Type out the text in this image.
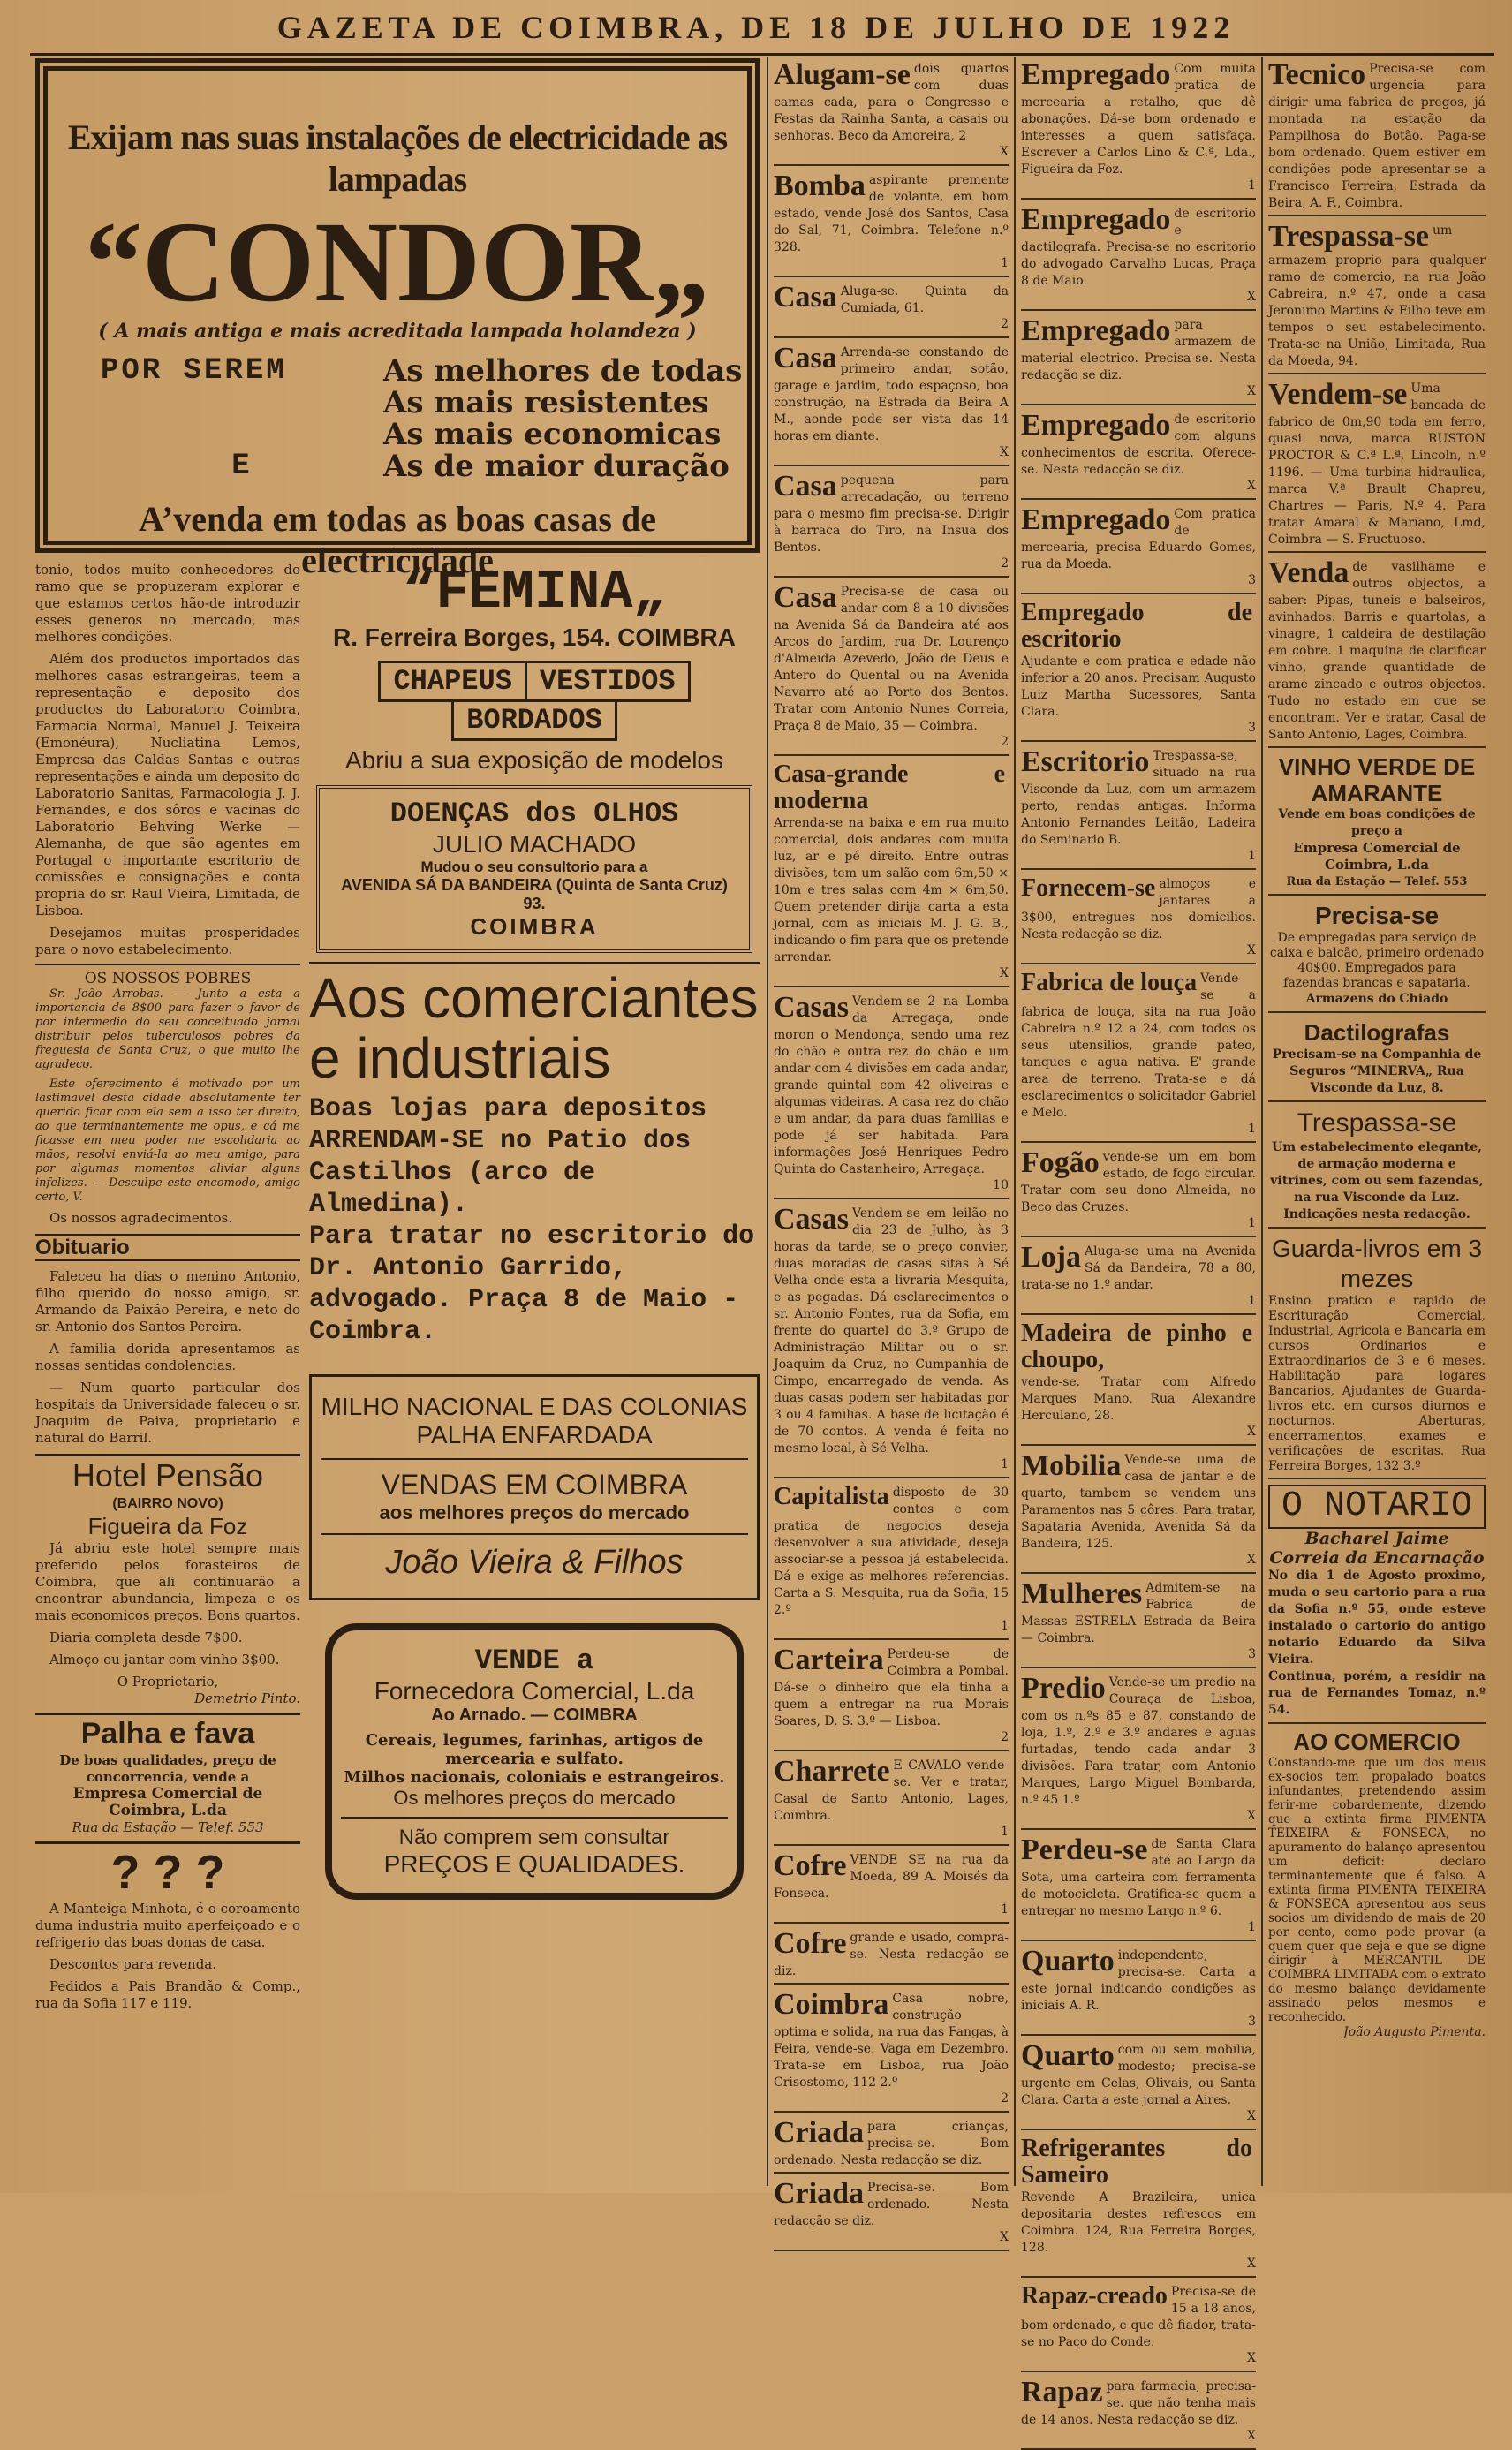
GAZETA DE COIMBRA, DE 18 DE JULHO DE 1922
Exijam nas suas instalações de electricidade as lampadas
“CONDOR„
( A mais antiga e mais acreditada lampada holandeza )
POR SEREM	As melhores de todas
As mais resistentes
As mais economicas
E	As de maior duração
A’venda em todas as boas casas de electricidade

tonio, todos muito conhecedores do ramo que se propuzeram explorar e que estamos certos hão-de introduzir esses generos no mercado, mas melhores condições.

Além dos productos importados das melhores casas estrangeiras, teem a representação e deposito dos productos do Laboratorio Coimbra, Farmacia Normal, Manuel J. Teixeira (Emonéura), Nucliatina Lemos, Empresa das Caldas Santas e outras representações e ainda um deposito do Laboratorio Sanitas, Farmacologia J. J. Fernandes, e dos sôros e vacinas do Laboratorio Behving Werke — Alemanha, de que são agentes em Portugal o importante escritorio de comissões e consignações e conta propria do sr. Raul Vieira, Limitada, de Lisboa.

Desejamos muitas prosperidades para o novo estabelecimento.

OS NOSSOS POBRES

Sr. João Arrobas. — Junto a esta a importancia de 8$00 para fazer o favor de por intermedio do seu conceituado jornal distribuir pelos tuberculosos pobres da freguesia de Santa Cruz, o que muito lhe agradeço.

Este oferecimento é motivado por um lastimavel desta cidade absolutamente ter querido ficar com ela sem a isso ter direito, ao que terminantemente me opus, e cá me ficasse em meu poder me escolidaria ao mãos, resolvi enviá-la ao meu amigo, para por algumas momentos aliviar alguns infelizes. — Desculpe este encomodo, amigo certo, V.

Os nossos agradecimentos.

Obituario

Faleceu ha dias o menino Antonio, filho querido do nosso amigo, sr. Armando da Paixão Pereira, e neto do sr. Antonio dos Santos Pereira.

A familia dorida apresentamos as nossas sentidas condolencias.

— Num quarto particular dos hospitais da Universidade faleceu o sr. Joaquim de Paiva, proprietario e natural do Barril.

Hotel Pensão
(BAIRRO NOVO)
Figueira da Foz

Já abriu este hotel sempre mais preferido pelos forasteiros de Coimbra, que ali continuarão a encontrar abundancia, limpeza e os mais economicos preços. Bons quartos.

Diaria completa desde 7$00.

Almoço ou jantar com vinho 3$00.

O Proprietario,
Demetrio Pinto.
Palha e fava
De boas qualidades, preço de concorrencia, vende a
Empresa Comercial de Coimbra, L.da
Rua da Estação — Telef. 553
? ? ?

A Manteiga Minhota, é o coroamento duma industria muito aperfeiçoado e o refrigerio das boas donas de casa.

Descontos para revenda.

Pedidos a Pais Brandão & Comp., rua da Sofia 117 e 119.

“FEMINA„
R. Ferreira Borges, 154. COIMBRA
CHAPEUS VESTIDOS
BORDADOS
Abriu a sua exposição de modelos
DOENÇAS dos OLHOS
JULIO MACHADO
Mudou o seu consultorio para a
AVENIDA SÁ DA BANDEIRA (Quinta de Santa Cruz) 93.
COIMBRA
Aos comerciantes e industriais
Boas lojas para depositos ARRENDAM-SE no Patio dos Castilhos (arco de Almedina).
Para tratar no escritorio do Dr. Antonio Garrido, advogado. Praça 8 de Maio - Coimbra.
MILHO NACIONAL E DAS COLONIAS
PALHA ENFARDADA
VENDAS EM COIMBRA
aos melhores preços do mercado
João Vieira & Filhos
VENDE a
Fornecedora Comercial, L.da
Ao Arnado. — COIMBRA
Cereais, legumes, farinhas, artigos de mercearia e sulfato.
Milhos nacionais, coloniais e estrangeiros.
Os melhores preços do mercado
Não comprem sem consultar
PREÇOS E QUALIDADES.
Alugam-se dois quartos com duas camas cada, para o Congresso e Festas da Rainha Santa, a casais ou senhoras. Beco da Amoreira, 2
X
Bomba aspirante premente de volante, em bom estado, vende José dos Santos, Casa do Sal, 71, Coimbra. Telefone n.º 328.
1
Casa Aluga-se. Quinta da Cumiada, 61.
2
Casa Arrenda-se constando de primeiro andar, sotão, garage e jardim, todo espaçoso, boa construção, na Estrada da Beira A M., aonde pode ser vista das 14 horas em diante.
X
Casa pequena para arrecadação, ou terreno para o mesmo fim precisa-se. Dirigir à barraca do Tiro, na Insua dos Bentos.
2
Casa Precisa-se de casa ou andar com 8 a 10 divisões na Avenida Sá da Bandeira até aos Arcos do Jardim, rua Dr. Lourenço d'Almeida Azevedo, João de Deus e Antero do Quental ou na Avenida Navarro até ao Porto dos Bentos. Tratar com Antonio Nunes Correia, Praça 8 de Maio, 35 — Coimbra.
2
Casa-grande e moderna
Arrenda-se na baixa e em rua muito comercial, dois andares com muita luz, ar e pé direito. Entre outras divisões, tem um salão com 6m,50 × 10m e tres salas com 4m × 6m,50. Quem pretender dirija carta a esta jornal, com as iniciais M. J. G. B., indicando o fim para que os pretende arrendar.
X
Casas Vendem-se 2 na Lomba da Arregaça, onde moron o Mendonça, sendo uma rez do chão e outra rez do chão e um andar com 4 divisões em cada andar, grande quintal com 42 oliveiras e algumas videiras. A casa rez do chão e um andar, da para duas familias e pode já ser habitada. Para informações José Henriques Pedro Quinta do Castanheiro, Arregaça.
10
Casas Vendem-se em leilão no dia 23 de Julho, às 3 horas da tarde, se o preço convier, duas moradas de casas sitas à Sé Velha onde esta a livraria Mesquita, e as pegadas. Dá esclarecimentos o sr. Antonio Fontes, rua da Sofia, em frente do quartel do 3.º Grupo de Administração Militar ou o sr. Joaquim da Cruz, no Cumpanhia de Cimpo, encarregado de venda. As duas casas podem ser habitadas por 3 ou 4 familias. A base de licitação é de 70 contos. A venda é feita no mesmo local, à Sé Velha.
1
Capitalista disposto de 30 contos e com pratica de negocios deseja desenvolver a sua atividade, deseja associar-se a pessoa já estabelecida. Dá e exige as melhores referencias. Carta a S. Mesquita, rua da Sofia, 15 2.º
1
Carteira Perdeu-se de Coimbra a Pombal. Dá-se o dinheiro que ela tinha a quem a entregar na rua Morais Soares, D. S. 3.º — Lisboa.
2
Charrete E CAVALO vende-se. Ver e tratar, Casal de Santo Antonio, Lages, Coimbra.
1
Cofre VENDE SE na rua da Moeda, 89 A. Moisés da Fonseca.
1
Cofre grande e usado, compra-se. Nesta redacção se diz.
Coimbra Casa nobre, construção optima e solida, na rua das Fangas, à Feira, vende-se. Vaga em Dezembro. Trata-se em Lisboa, rua João Crisostomo, 112 2.º
2
Criada para crianças, precisa-se. Bom ordenado. Nesta redacção se diz.
Criada Precisa-se. Bom ordenado. Nesta redacção se diz.
X
Empregado Com muita pratica de mercearia a retalho, que dê abonações. Dá-se bom ordenado e interesses a quem satisfaça. Escrever a Carlos Lino & C.ª, Lda., Figueira da Foz.
1
Empregado de escritorio e dactilografa. Precisa-se no escritorio do advogado Carvalho Lucas, Praça 8 de Maio.
X
Empregado para armazem de material electrico. Precisa-se. Nesta redacção se diz.
X
Empregado de escritorio com alguns conhecimentos de escrita. Oferece-se. Nesta redacção se diz.
X
Empregado Com pratica de mercearia, precisa Eduardo Gomes, rua da Moeda.
3
Empregado de escritorio
Ajudante e com pratica e edade não inferior a 20 anos. Precisam Augusto Luiz Martha Sucessores, Santa Clara.
3
Escritorio Trespassa-se, situado na rua Visconde da Luz, com um armazem perto, rendas antigas. Informa Antonio Fernandes Leitão, Ladeira do Seminario B.
1
Fornecem-se almoços e jantares a 3$00, entregues nos domicilios. Nesta redacção se diz.
X
Fabrica de louça Vende-se a fabrica de louça, sita na rua João Cabreira n.º 12 a 24, com todos os seus utensilios, grande pateo, tanques e agua nativa. E' grande area de terreno. Trata-se e dá esclarecimentos o solicitador Gabriel e Melo.
1
Fogão vende-se um em bom estado, de fogo circular. Tratar com seu dono Almeida, no Beco das Cruzes.
1
Loja Aluga-se uma na Avenida Sá da Bandeira, 78 a 80, trata-se no 1.º andar.
1
Madeira de pinho e choupo,
vende-se. Tratar com Alfredo Marques Mano, Rua Alexandre Herculano, 28.
X
Mobilia Vende-se uma de casa de jantar e de quarto, tambem se vendem uns Paramentos nas 5 côres. Para tratar, Sapataria Avenida, Avenida Sá da Bandeira, 125.
X
Mulheres Admitem-se na Fabrica de Massas ESTRELA Estrada da Beira — Coimbra.
3
Predio Vende-se um predio na Couraça de Lisboa, com os n.ºs 85 e 87, constando de loja, 1.º, 2.º e 3.º andares e aguas furtadas, tendo cada andar 3 divisões. Para tratar, com Antonio Marques, Largo Miguel Bombarda, n.º 45 1.º
X
Perdeu-se de Santa Clara até ao Largo da Sota, uma carteira com ferramenta de motocicleta. Gratifica-se quem a entregar no mesmo Largo n.º 6.
1
Quarto independente, precisa-se. Carta a este jornal indicando condições as iniciais A. R.
3
Quarto com ou sem mobilia, modesto; precisa-se urgente em Celas, Olivais, ou Santa Clara. Carta a este jornal a Aires.
X
Refrigerantes do Sameiro
Revende A Brazileira, unica depositaria destes refrescos em Coimbra. 124, Rua Ferreira Borges, 128.
X
Rapaz-creado Precisa-se de 15 a 18 anos, bom ordenado, e que dê fiador, trata-se no Paço do Conde.
X
Rapaz para farmacia, precisa-se. que não tenha mais de 14 anos. Nesta redacção se diz.
X
Tecnico Precisa-se com urgencia para dirigir uma fabrica de pregos, já montada na estação da Pampilhosa do Botão. Paga-se bom ordenado. Quem estiver em condições pode apresentar-se a Francisco Ferreira, Estrada da Beira, A. F., Coimbra.
Trespassa-se um armazem proprio para qualquer ramo de comercio, na rua João Cabreira, n.º 47, onde a casa Jeronimo Martins & Filho teve em tempos o seu estabelecimento. Trata-se na União, Limitada, Rua da Moeda, 94.
Vendem-se Uma bancada de fabrico de 0m,90 toda em ferro, quasi nova, marca RUSTON PROCTOR & C.ª L.ª, Lincoln, n.º 1196. — Uma turbina hidraulica, marca V.ª Brault Chapreu, Chartres — Paris, N.º 4. Para tratar Amaral & Mariano, Lmd, Coimbra — S. Fructuoso.
Venda de vasilhame e outros objectos, a saber: Pipas, tuneis e balseiros, avinhados. Barris e quartolas, a vinagre, 1 caldeira de destilação em cobre. 1 maquina de clarificar vinho, grande quantidade de arame zincado e outros objectos. Tudo no estado em que se encontram. Ver e tratar, Casal de Santo Antonio, Lages, Coimbra.
VINHO VERDE DE AMARANTE
Vende em boas condições de preço a
Empresa Comercial de Coimbra, L.da
Rua da Estação — Telef. 553
Precisa-se
De empregadas para serviço de caixa e balcão, primeiro ordenado 40$00. Empregados para fazendas brancas e sapataria.
Armazens do Chiado
Dactilografas
Precisam-se na Companhia de Seguros “MINERVA„ Rua Visconde da Luz, 8.
Trespassa-se
Um estabelecimento elegante, de armação moderna e vitrines, com ou sem fazendas, na rua Visconde da Luz.
Indicações nesta redacção.
Guarda-livros em 3 mezes
Ensino pratico e rapido de Escrituração Comercial, Industrial, Agricola e Bancaria em cursos Ordinarios e Extraordinarios de 3 e 6 meses. Habilitação para logares Bancarios, Ajudantes de Guarda-livros etc. em cursos diurnos e nocturnos. Aberturas, encerramentos, exames e verificações de escritas. Rua Ferreira Borges, 132 3.º
O NOTARIO
Bacharel Jaime Correia da Encarnação
No dia 1 de Agosto proximo, muda o seu cartorio para a rua da Sofia n.º 55, onde esteve instalado o cartorio do antigo notario Eduardo da Silva Vieira.
Continua, porém, a residir na rua de Fernandes Tomaz, n.º 54.
AO COMERCIO
Constando-me que um dos meus ex-socios tem propalado boatos infundantes, pretendendo assim ferir-me cobardemente, dizendo que a extinta firma PIMENTA TEIXEIRA & FONSECA, no apuramento do balanço apresentou um deficit: declaro terminantemente que é falso. A extinta firma PIMENTA TEIXEIRA & FONSECA apresentou aos seus socios um dividendo de mais de 20 por cento, como pode provar (a quem quer que seja e que se digne dirigir à MERCANTIL DE COIMBRA LIMITADA com o extrato do mesmo balanço devidamente assinado pelos mesmos e reconhecido.
João Augusto Pimenta.
